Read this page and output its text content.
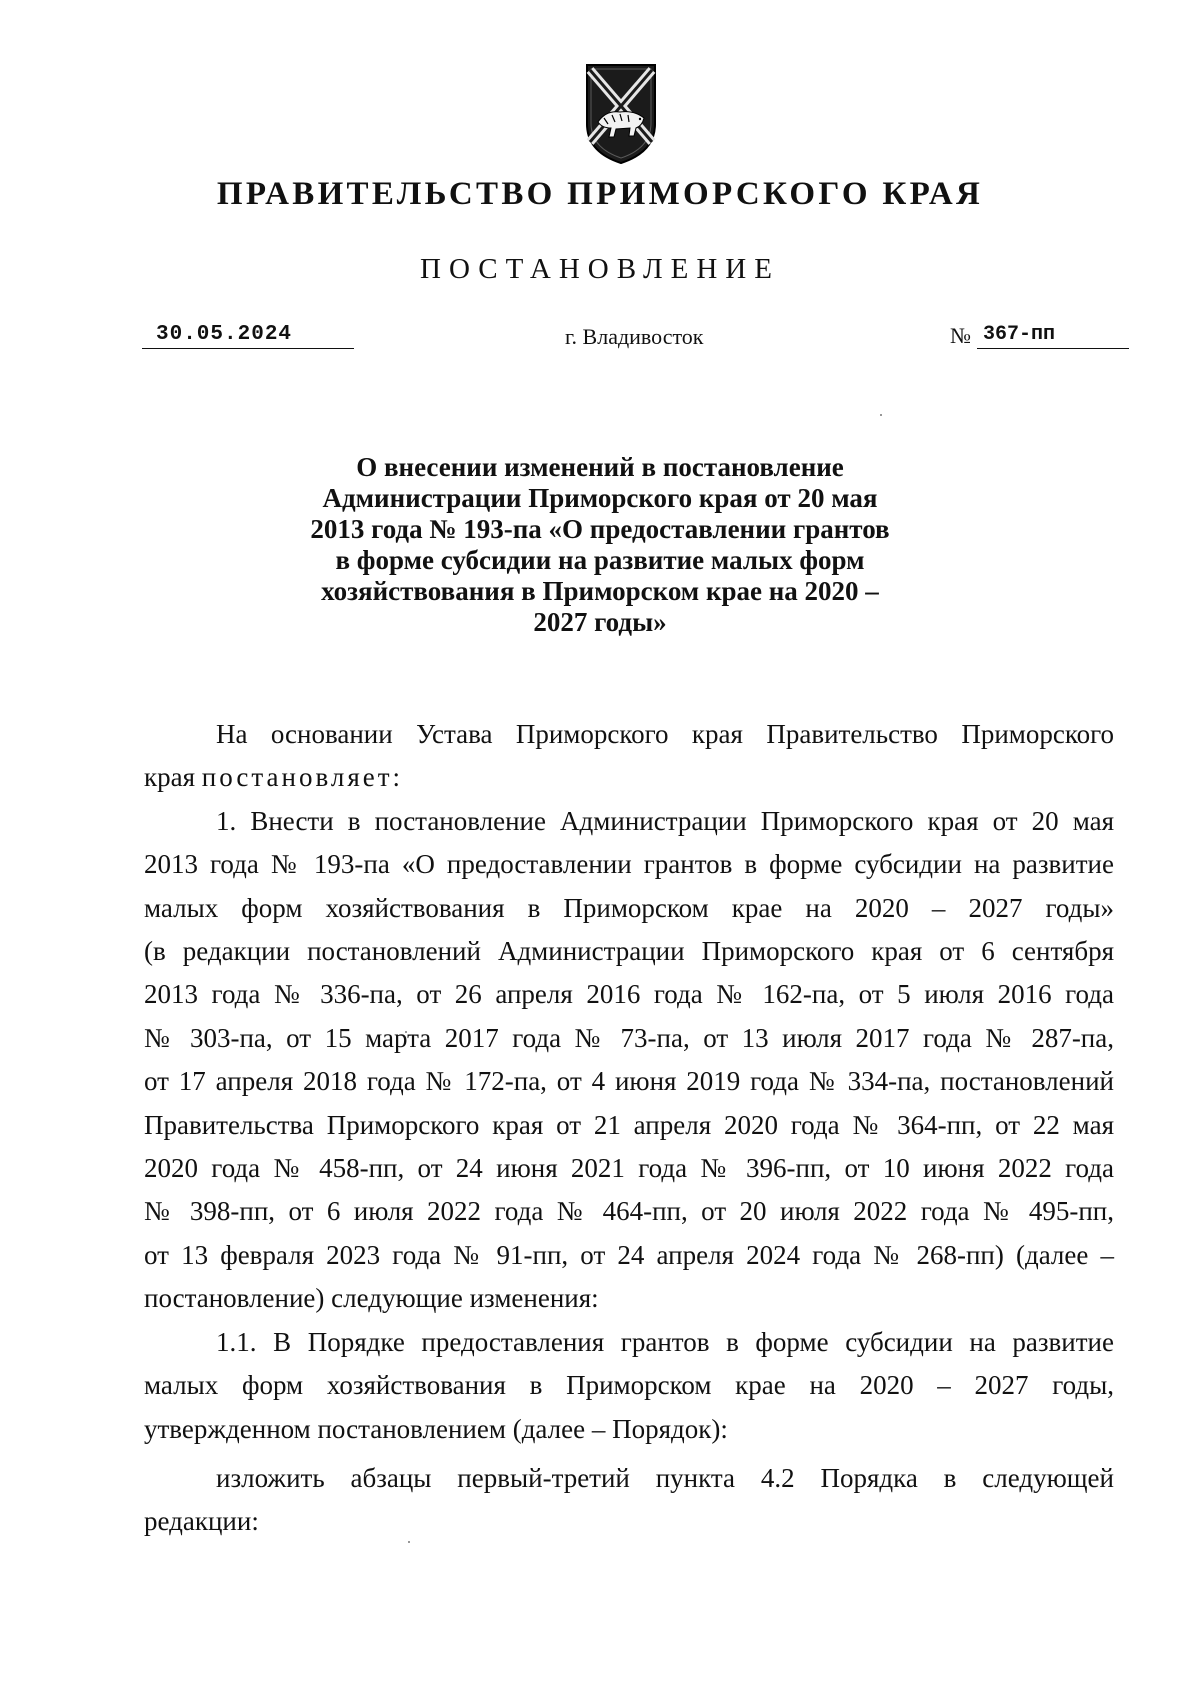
ПРАВИТЕЛЬСТВО ПРИМОРСКОГО КРАЯ
ПОСТАНОВЛЕНИЕ
30.05.2024	г. Владивосток	№ 367-пп
О внесении изменений в постановление
Администрации Приморского края от 20 мая
2013 года № 193-па «О предоставлении грантов
в форме субсидии на развитие малых форм
хозяйствования в Приморском крае на 2020 –
2027 годы»
На основании Устава Приморского края Правительство Приморского
края постановляет:
1. Внести в постановление Администрации Приморского края от 20 мая
2013 года № 193-па «О предоставлении грантов в форме субсидии на развитие
малых форм хозяйствования в Приморском крае на 2020 – 2027 годы»
(в редакции постановлений Администрации Приморского края от 6 сентября
2013 года № 336-па, от 26 апреля 2016 года № 162-па, от 5 июля 2016 года
№ 303-па, от 15 марта 2017 года № 73-па, от 13 июля 2017 года № 287-па,
от 17 апреля 2018 года № 172-па, от 4 июня 2019 года № 334-па, постановлений
Правительства Приморского края от 21 апреля 2020 года № 364-пп, от 22 мая
2020 года № 458-пп, от 24 июня 2021 года № 396-пп, от 10 июня 2022 года
№ 398-пп, от 6 июля 2022 года № 464-пп, от 20 июля 2022 года № 495-пп,
от 13 февраля 2023 года № 91-пп, от 24 апреля 2024 года № 268-пп) (далее –
постановление) следующие изменения:
1.1. В Порядке предоставления грантов в форме субсидии на развитие
малых форм хозяйствования в Приморском крае на 2020 – 2027 годы,
утвержденном постановлением (далее – Порядок):
изложить абзацы первый-третий пункта 4.2 Порядка в следующей
редакции:
